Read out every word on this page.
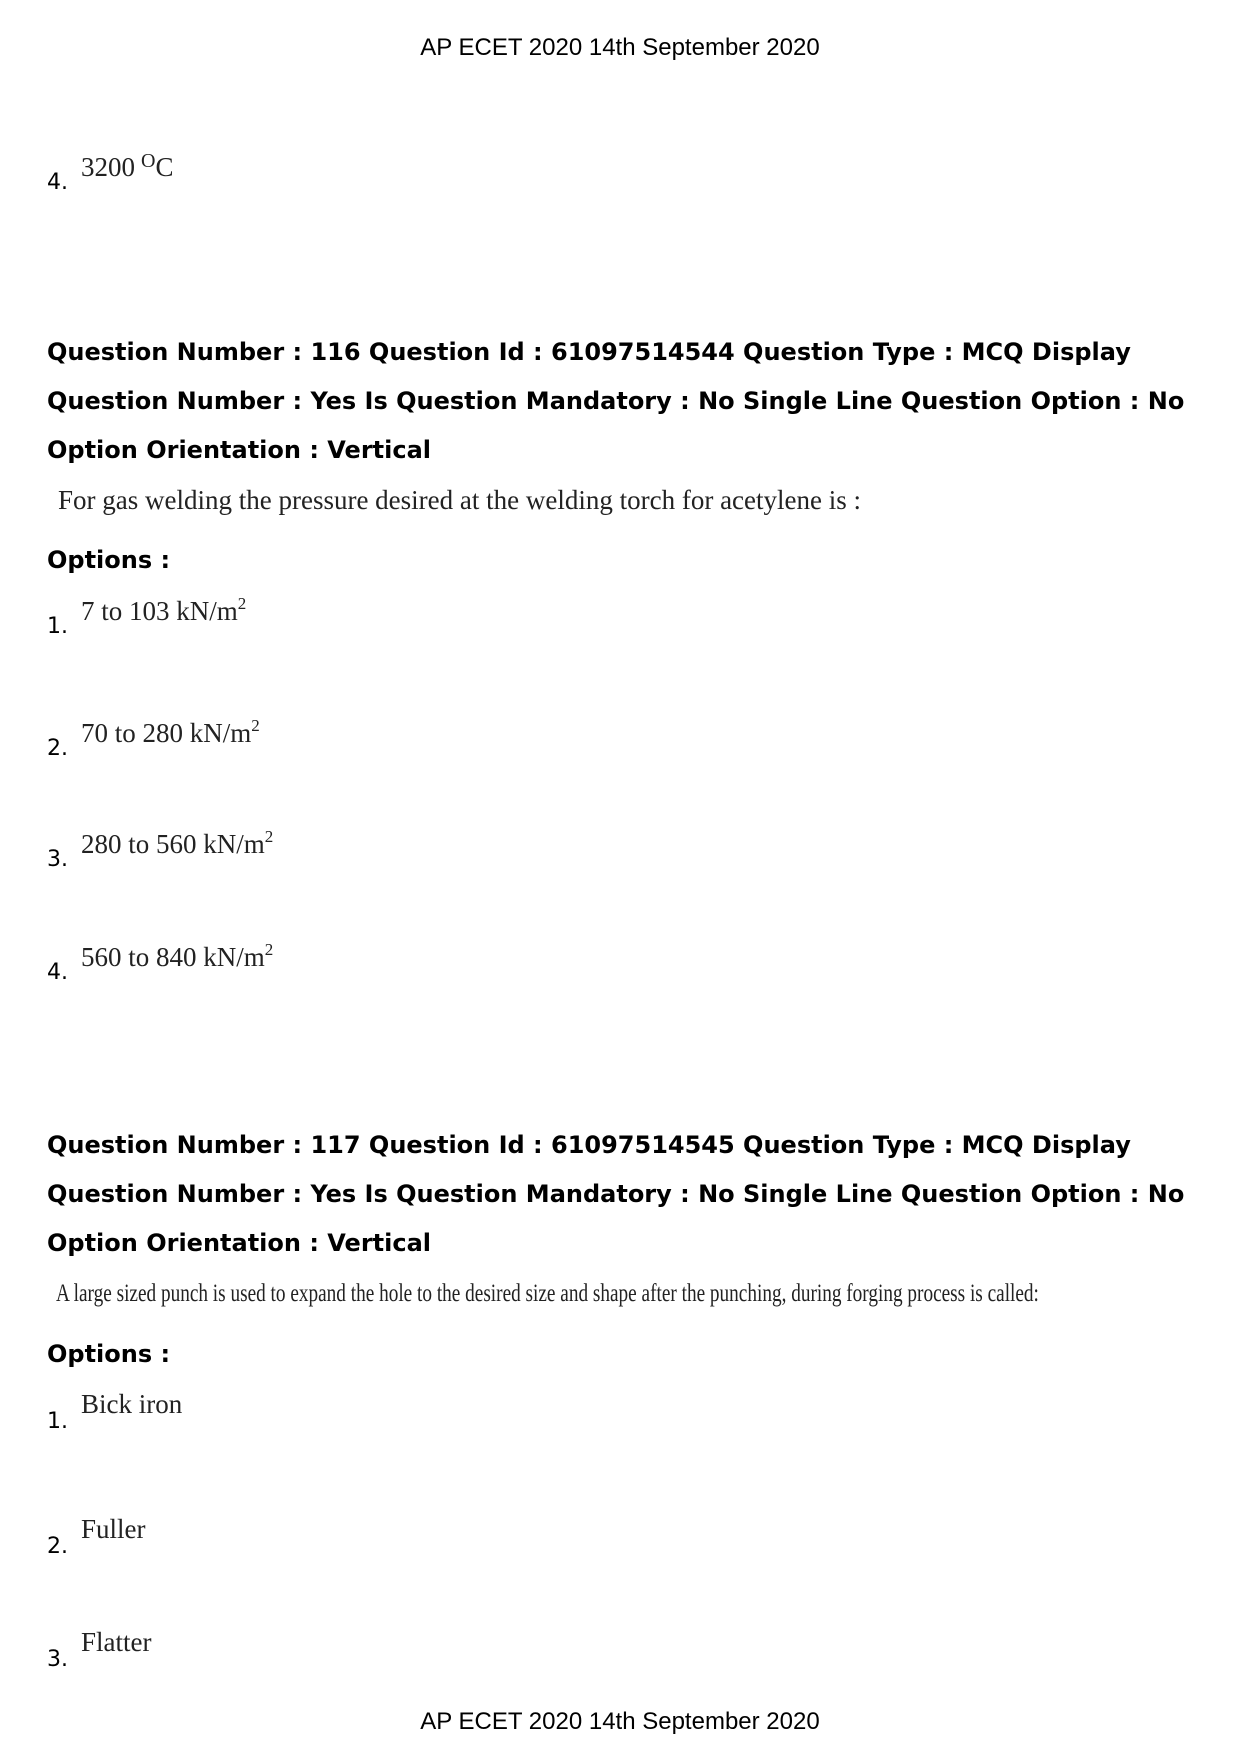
AP ECET 2020 14th September 2020
4.
3200 $^O$C

Question Number : 116 Question Id : 61097514544 Question Type : MCQ Display Question Number : Yes Is Question Mandatory : No Single Line Question Option : No Option Orientation : Vertical

For gas welding the pressure desired at the welding torch for acetylene is :
Options :
1.
7 to 103 $kN/m^2$
2.
70 to 280 $kN/m^2$
3.
280 to 560 $kN/m^2$
4.
560 to 840 $kN/m^2$

Question Number : 117 Question Id : 61097514545 Question Type : MCQ Display Question Number : Yes Is Question Mandatory : No Single Line Question Option : No Option Orientation : Vertical

A large sized punch is used to expand the hole to the desired size and shape after the punching, during forging process is called:
Options :
1.
Bick iron
2.
Fuller
3.
Flatter
AP ECET 2020 14th September 2020
